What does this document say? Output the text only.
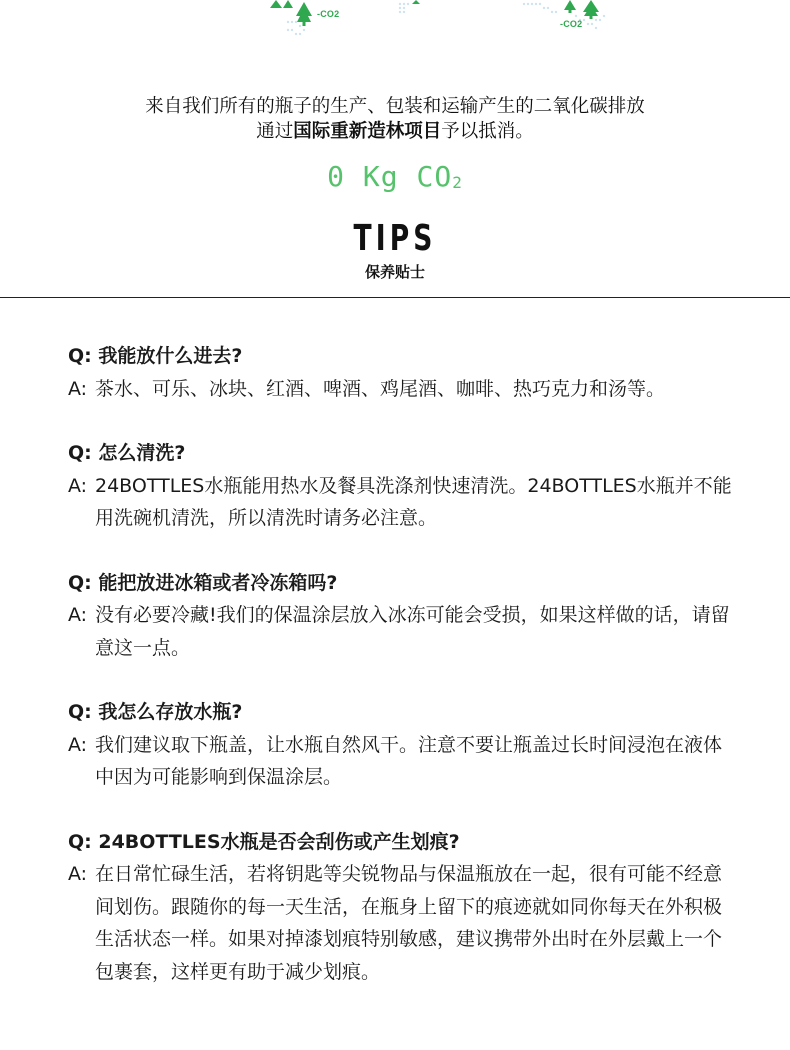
-CO2
-CO2
来自我们所有的瓶子的生产、包装和运输产生的二氧化碳排放
通过国际重新造林项目予以抵消。
0 Kg $CO_2$
TIPS
保养贴士
Q: 我能放什么进去?
A: 茶水、可乐、冰块、红酒、啤酒、鸡尾酒、咖啡、热巧克力和汤等。
Q: 怎么清洗?
A: 24BOTTLES水瓶能用热水及餐具洗涤剂快速清洗。24BOTTLES水瓶并不能用洗碗机清洗，所以清洗时请务必注意。
Q: 能把放进冰箱或者冷冻箱吗?
A: 没有必要冷藏!我们的保温涂层放入冰冻可能会受损，如果这样做的话，请留意这一点。
Q: 我怎么存放水瓶?
A: 我们建议取下瓶盖，让水瓶自然风干。注意不要让瓶盖过长时间浸泡在液体中因为可能影响到保温涂层。
Q: 24BOTTLES水瓶是否会刮伤或产生划痕?
A: 在日常忙碌生活，若将钥匙等尖锐物品与保温瓶放在一起，很有可能不经意间划伤。跟随你的每一天生活，在瓶身上留下的痕迹就如同你每天在外积极生活状态一样。如果对掉漆划痕特别敏感，建议携带外出时在外层戴上一个包裹套，这样更有助于减少划痕。
